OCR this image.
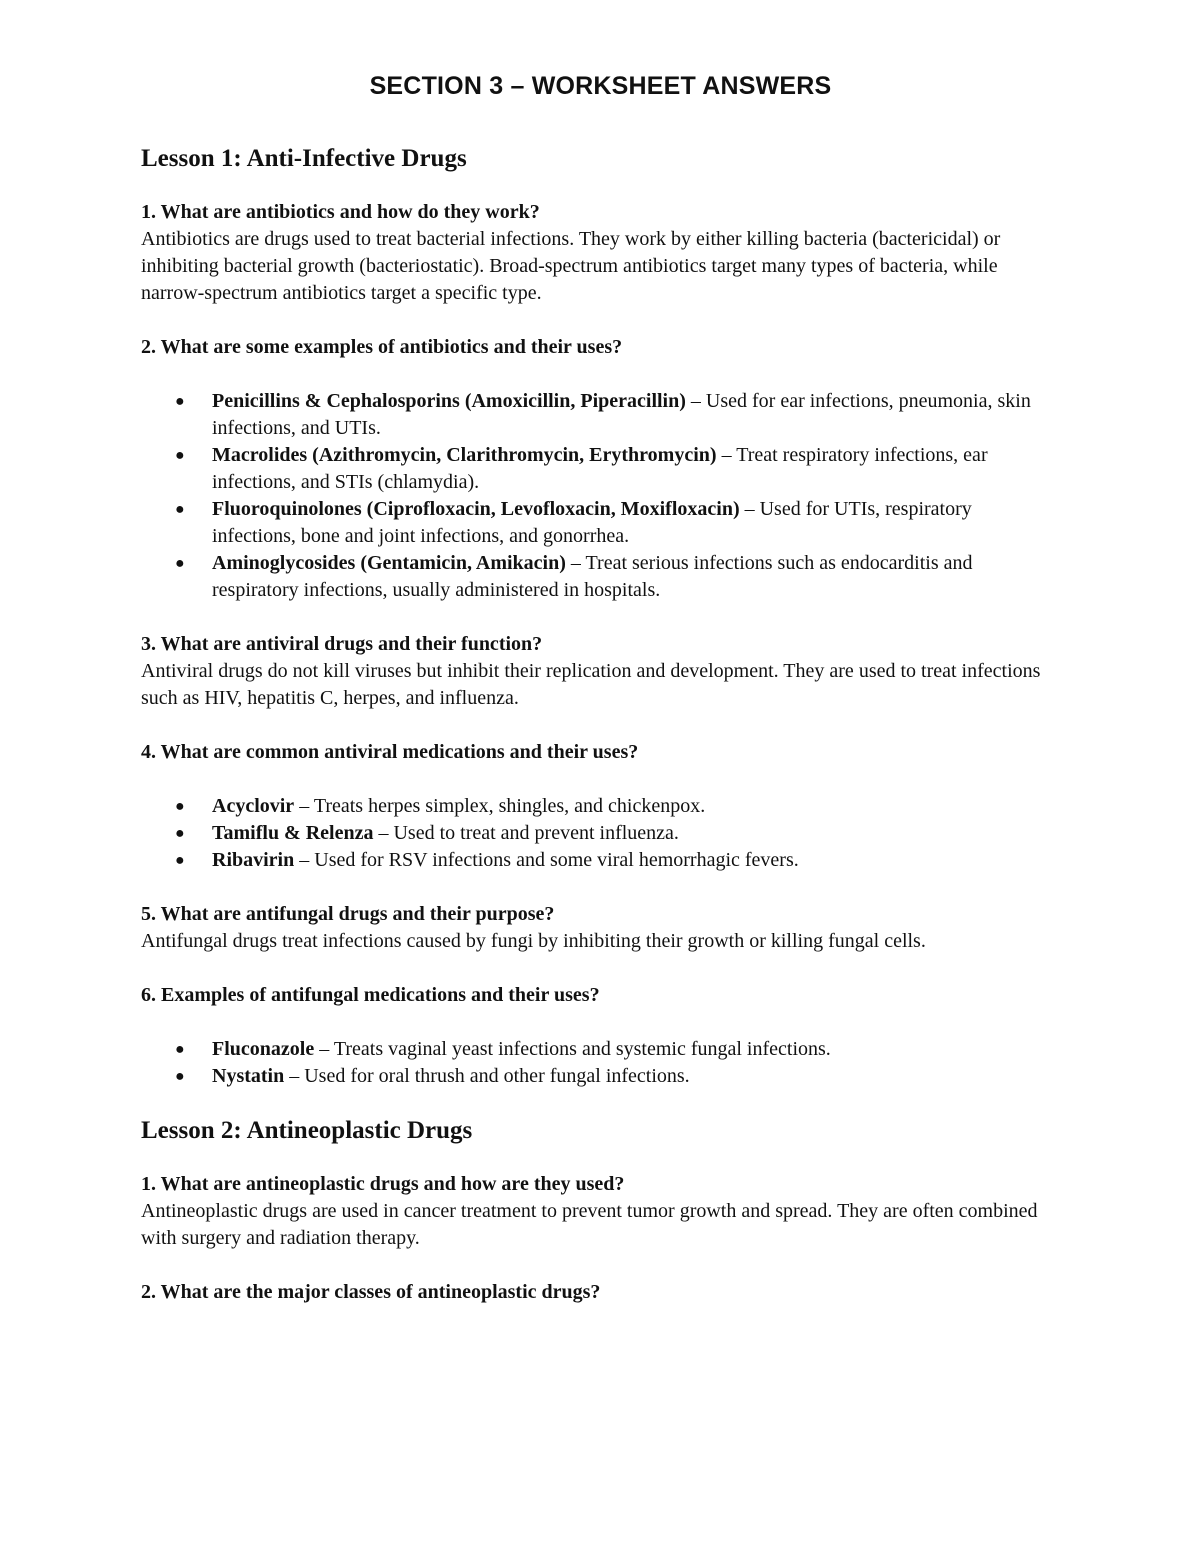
SECTION 3 – WORKSHEET ANSWERS
Lesson 1: Anti-Infective Drugs

1. What are antibiotics and how do they work?

Antibiotics are drugs used to treat bacterial infections. They work by either killing bacteria (bactericidal) or inhibiting bacterial growth (bacteriostatic). Broad-spectrum antibiotics target many types of bacteria, while narrow-spectrum antibiotics target a specific type.

2. What are some examples of antibiotics and their uses?

● Penicillins & Cephalosporins (Amoxicillin, Piperacillin) – Used for ear infections, pneumonia, skin infections, and UTIs.
● Macrolides (Azithromycin, Clarithromycin, Erythromycin) – Treat respiratory infections, ear infections, and STIs (chlamydia).
● Fluoroquinolones (Ciprofloxacin, Levofloxacin, Moxifloxacin) – Used for UTIs, respiratory infections, bone and joint infections, and gonorrhea.
● Aminoglycosides (Gentamicin, Amikacin) – Treat serious infections such as endocarditis and respiratory infections, usually administered in hospitals.

3. What are antiviral drugs and their function?

Antiviral drugs do not kill viruses but inhibit their replication and development. They are used to treat infections such as HIV, hepatitis C, herpes, and influenza.

4. What are common antiviral medications and their uses?

● Acyclovir – Treats herpes simplex, shingles, and chickenpox.
● Tamiflu & Relenza – Used to treat and prevent influenza.
● Ribavirin – Used for RSV infections and some viral hemorrhagic fevers.

5. What are antifungal drugs and their purpose?

Antifungal drugs treat infections caused by fungi by inhibiting their growth or killing fungal cells.

6. Examples of antifungal medications and their uses?

● Fluconazole – Treats vaginal yeast infections and systemic fungal infections.
● Nystatin – Used for oral thrush and other fungal infections.
Lesson 2: Antineoplastic Drugs

1. What are antineoplastic drugs and how are they used?

Antineoplastic drugs are used in cancer treatment to prevent tumor growth and spread. They are often combined with surgery and radiation therapy.

2. What are the major classes of antineoplastic drugs?
